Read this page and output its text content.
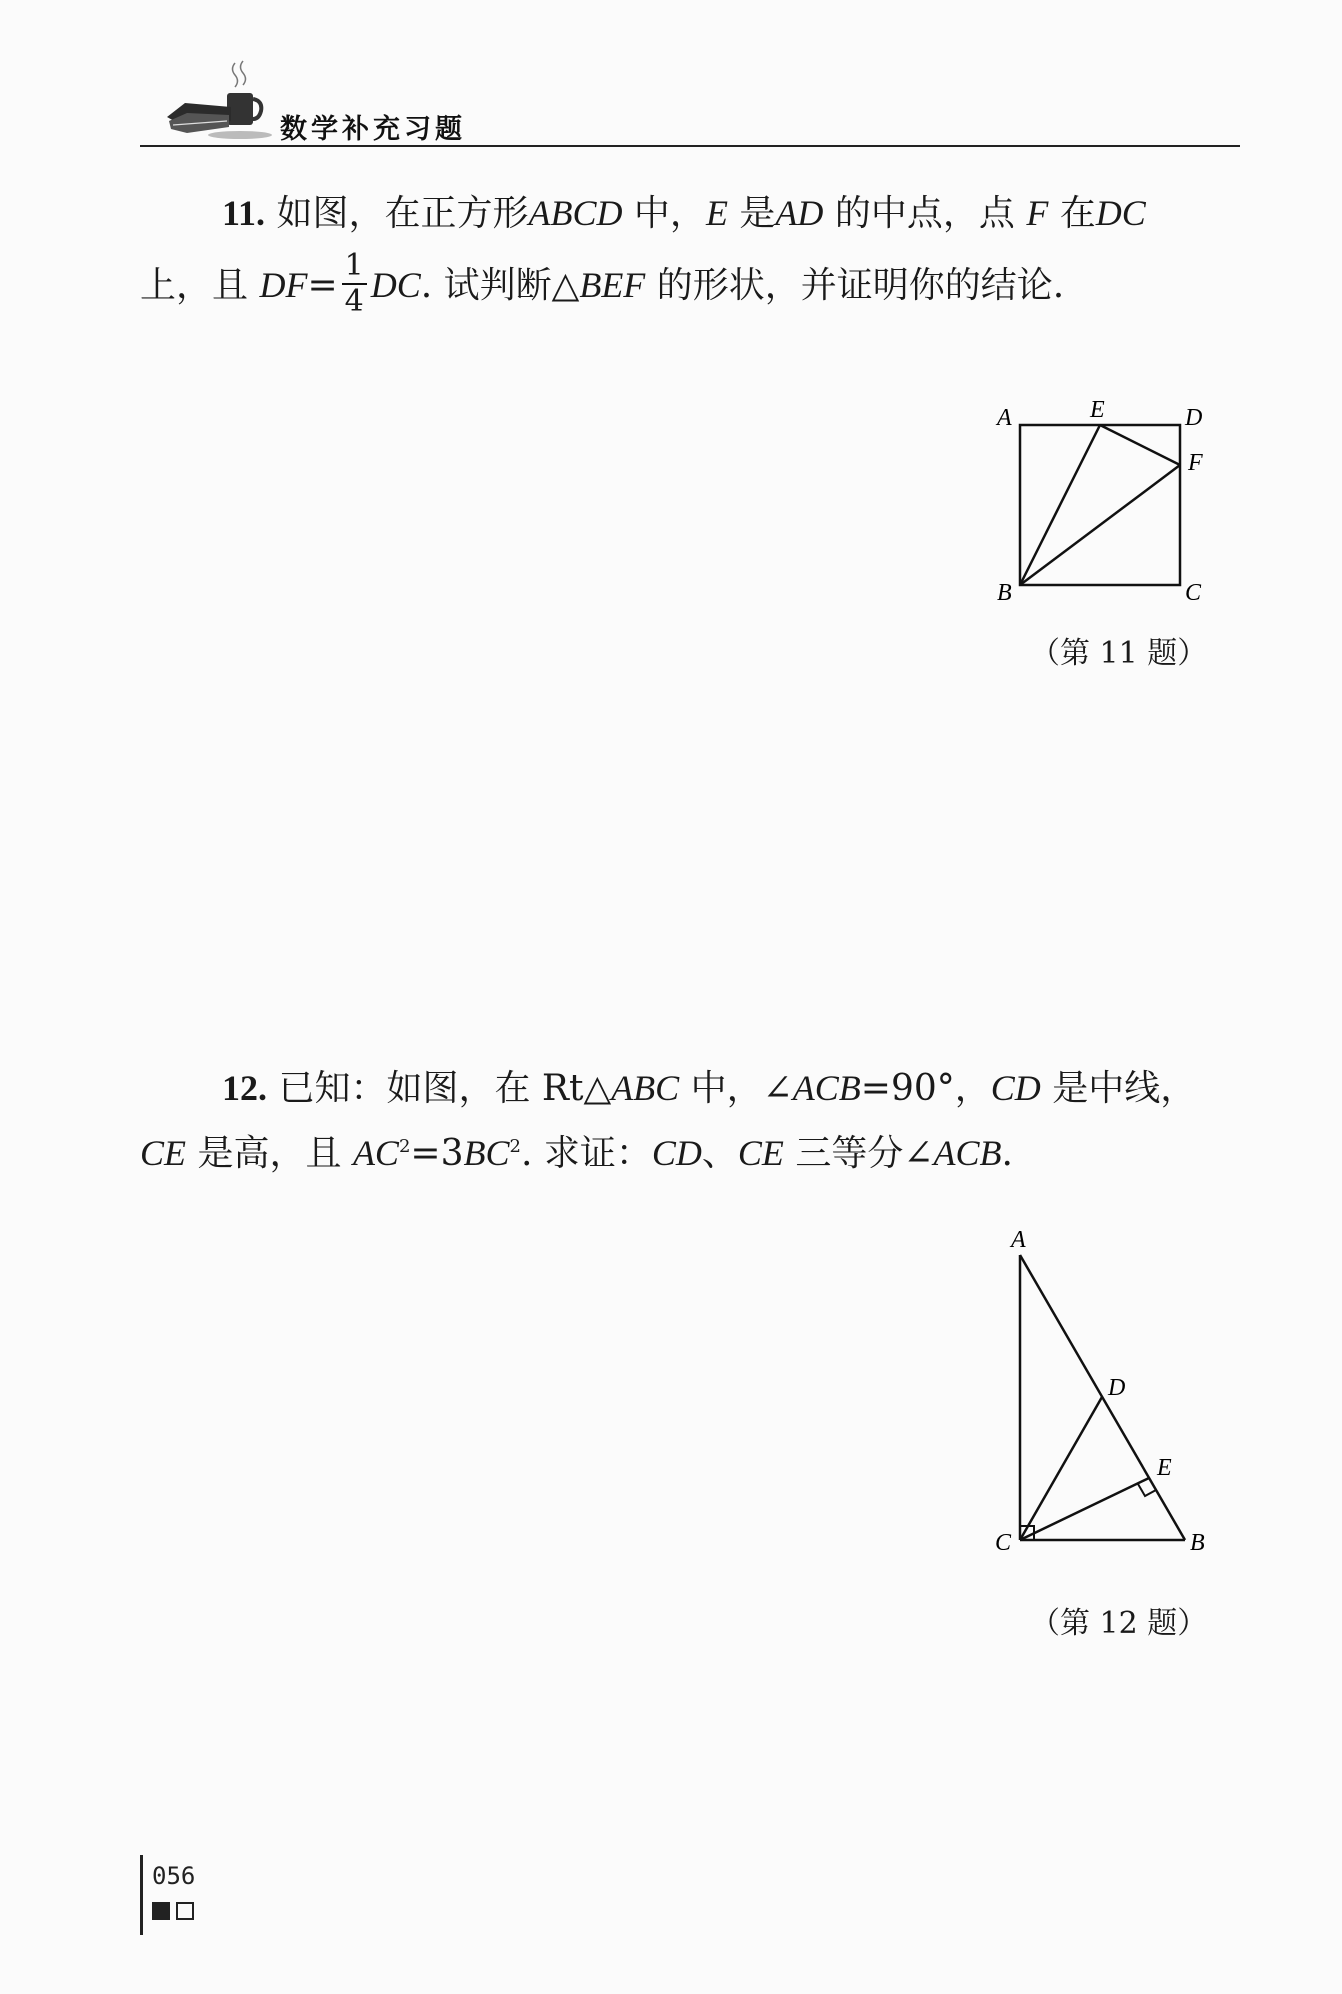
数学补充习题
11. 如图，在正方形ABCD 中，E 是AD 的中点，点 F 在DC
上，且 $DF= \frac{1}{4}$ DC. 试判断△BEF 的形状，并证明你的结论.
A	E	D
F
B	C
（第 11 题）
12. 已知：如图，在 Rt△ABC 中，∠ACB=90°，CD 是中线，
CE 是高，且 $AC^2=3BC^2$. 求证：CD、CE 三等分∠ACB.
A
D
E
C	B
（第 12 题）
056
